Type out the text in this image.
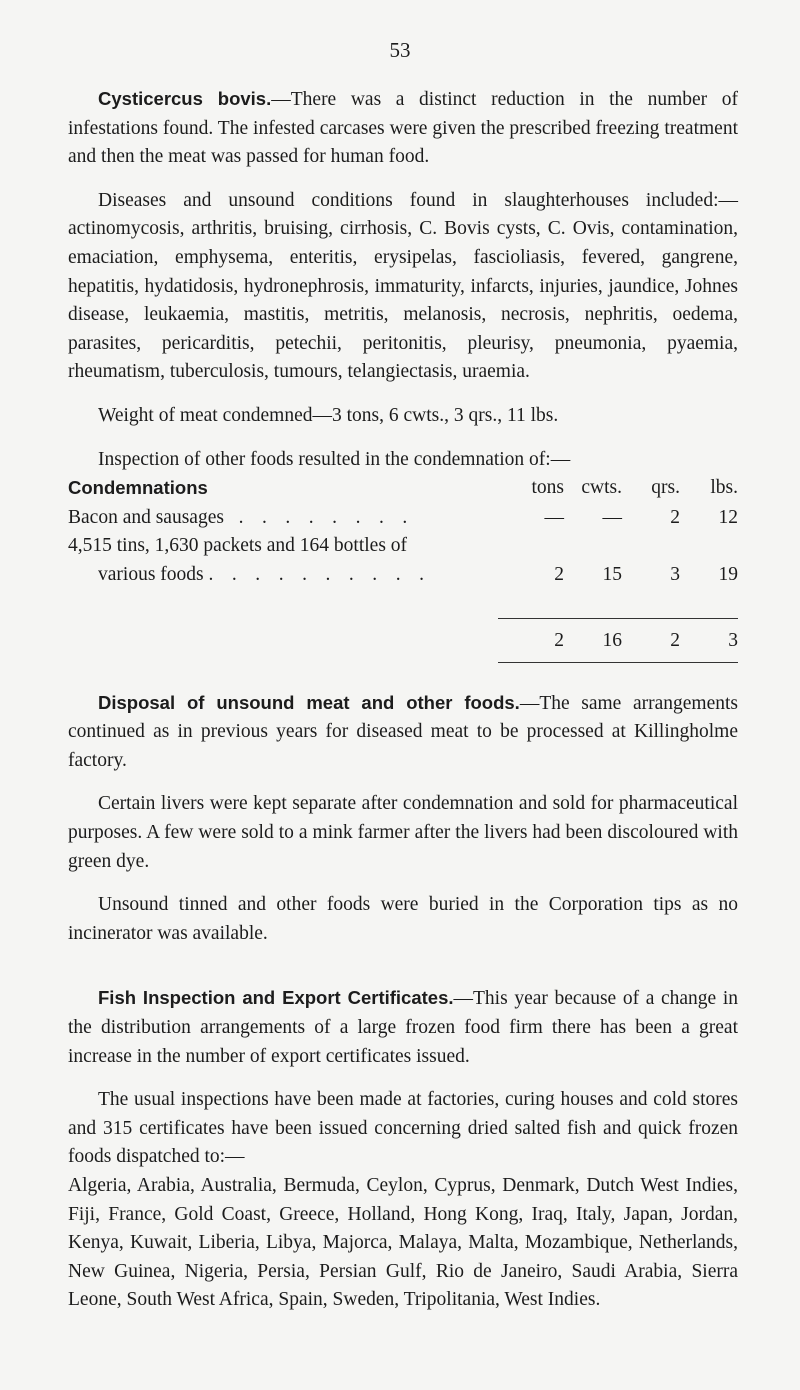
53

Cysticercus bovis.—There was a distinct reduction in the number of infestations found. The infested carcases were given the prescribed freezing treatment and then the meat was passed for human food.

Diseases and unsound conditions found in slaughterhouses included:— actinomycosis, arthritis, bruising, cirrhosis, C. Bovis cysts, C. Ovis, contamination, emaciation, emphysema, enteritis, erysipelas, fascioliasis, fevered, gangrene, hepatitis, hydatidosis, hydronephrosis, immaturity, infarcts, injuries, jaundice, Johnes disease, leukaemia, mastitis, metritis, melanosis, necrosis, nephritis, oedema, parasites, pericarditis, petechii, peritonitis, pleurisy, pneumonia, pyaemia, rheumatism, tuberculosis, tumours, telangiectasis, uraemia.

Weight of meat condemned—3 tons, 6 cwts., 3 qrs., 11 lbs.

Inspection of other foods resulted in the condemnation of:—

Condemnations	tons	cwts.	qrs.	lbs.
Bacon and sausages . . . . . . . .	—	—	2	12
4,515 tins, 1,630 packets and 164 bottles of				
various foods . . . . . . . . . .	2	15	3	19

	2	16	2	3

Disposal of unsound meat and other foods.—The same arrangements continued as in previous years for diseased meat to be processed at Killingholme factory.

Certain livers were kept separate after condemnation and sold for pharmaceutical purposes. A few were sold to a mink farmer after the livers had been discoloured with green dye.

Unsound tinned and other foods were buried in the Corporation tips as no incinerator was available.

Fish Inspection and Export Certificates.—This year because of a change in the distribution arrangements of a large frozen food firm there has been a great increase in the number of export certificates issued.

The usual inspections have been made at factories, curing houses and cold stores and 315 certificates have been issued concerning dried salted fish and quick frozen foods dispatched to:—

Algeria, Arabia, Australia, Bermuda, Ceylon, Cyprus, Denmark, Dutch West Indies, Fiji, France, Gold Coast, Greece, Holland, Hong Kong, Iraq, Italy, Japan, Jordan, Kenya, Kuwait, Liberia, Libya, Majorca, Malaya, Malta, Mozambique, Netherlands, New Guinea, Nigeria, Persia, Persian Gulf, Rio de Janeiro, Saudi Arabia, Sierra Leone, South West Africa, Spain, Sweden, Tripolitania, West Indies.
